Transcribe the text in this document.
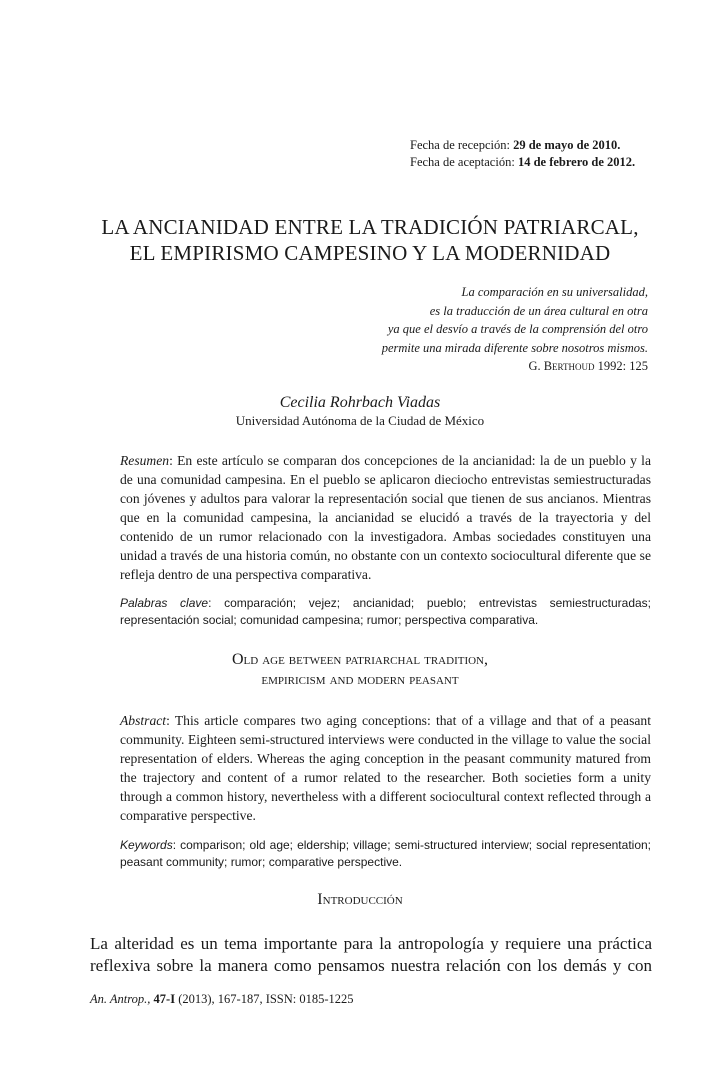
Fecha de recepción: 29 de mayo de 2010.
Fecha de aceptación: 14 de febrero de 2012.
LA ANCIANIDAD ENTRE LA TRADICIÓN PATRIARCAL,
EL EMPIRISMO CAMPESINO Y LA MODERNIDAD
La comparación en su universalidad,
es la traducción de un área cultural en otra
ya que el desvío a través de la comprensión del otro
permite una mirada diferente sobre nosotros mismos.
G. Berthoud 1992: 125
Cecilia Rohrbach Viadas
Universidad Autónoma de la Ciudad de México
Resumen: En este artículo se comparan dos concepciones de la ancianidad: la de un pueblo y la de una comunidad campesina. En el pueblo se aplicaron dieciocho entrevistas semiestructuradas con jóvenes y adultos para valorar la representación social que tienen de sus ancianos. Mientras que en la comunidad campesina, la ancianidad se elucidó a través de la trayectoria y del contenido de un rumor relacionado con la investigadora. Ambas sociedades constituyen una unidad a través de una historia común, no obstante con un contexto sociocultural diferente que se refleja dentro de una perspectiva comparativa.
Palabras clave: comparación; vejez; ancianidad; pueblo; entrevistas semiestructuradas; representación social; comunidad campesina; rumor; perspectiva comparativa.
Old age between patriarchal tradition,
empiricism and modern peasant
Abstract: This article compares two aging conceptions: that of a village and that of a peasant community. Eighteen semi-structured interviews were conducted in the village to value the social representation of elders. Whereas the aging conception in the peasant community matured from the trajectory and content of a rumor related to the researcher. Both societies form a unity through a common history, nevertheless with a different sociocultural context reflected through a comparative perspective.
Keywords: comparison; old age; eldership; village; semi-structured interview; social representation; peasant community; rumor; comparative perspective.
Introducción
La alteridad es un tema importante para la antropología y requiere una práctica
reflexiva sobre la manera como pensamos nuestra relación con los demás y con
An. Antrop., 47-I (2013), 167-187, ISSN: 0185-1225
